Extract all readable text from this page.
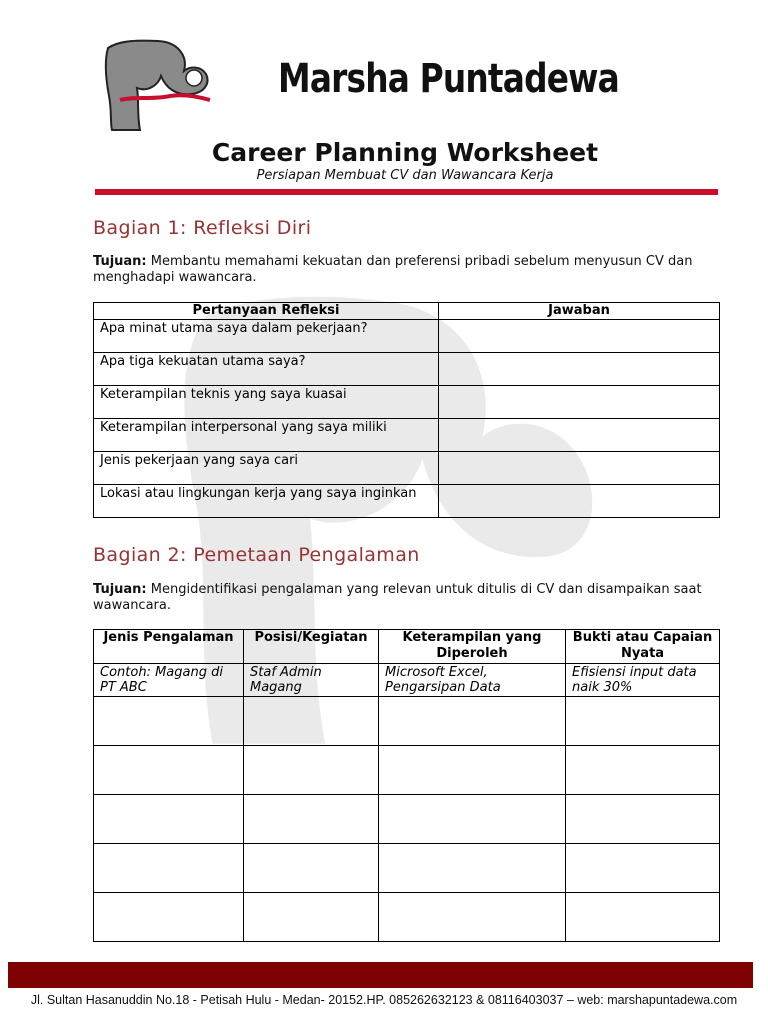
Marsha Puntadewa
Career Planning Worksheet

Persiapan Membuat CV dan Wawancara Kerja

Bagian 1: Refleksi Diri

Tujuan: Membantu memahami kekuatan dan preferensi pribadi sebelum menyusun CV dan menghadapi wawancara.

Pertanyaan Refleksi	Jawaban
Apa minat utama saya dalam pekerjaan?	
Apa tiga kekuatan utama saya?	
Keterampilan teknis yang saya kuasai	
Keterampilan interpersonal yang saya miliki	
Jenis pekerjaan yang saya cari	
Lokasi atau lingkungan kerja yang saya inginkan	
Bagian 2: Pemetaan Pengalaman

Tujuan: Mengidentifikasi pengalaman yang relevan untuk ditulis di CV dan disampaikan saat wawancara.

Jenis Pengalaman	Posisi/Kegiatan	Keterampilan yang Diperoleh	Bukti atau Capaian Nyata
Contoh: Magang di PT ABC	Staf Admin Magang	Microsoft Excel, Pengarsipan Data	Efisiensi input data naik 30%

Jl. Sultan Hasanuddin No.18 - Petisah Hulu - Medan- 20152.HP. 085262632123 & 08116403037 – web: marshapuntadewa.com
